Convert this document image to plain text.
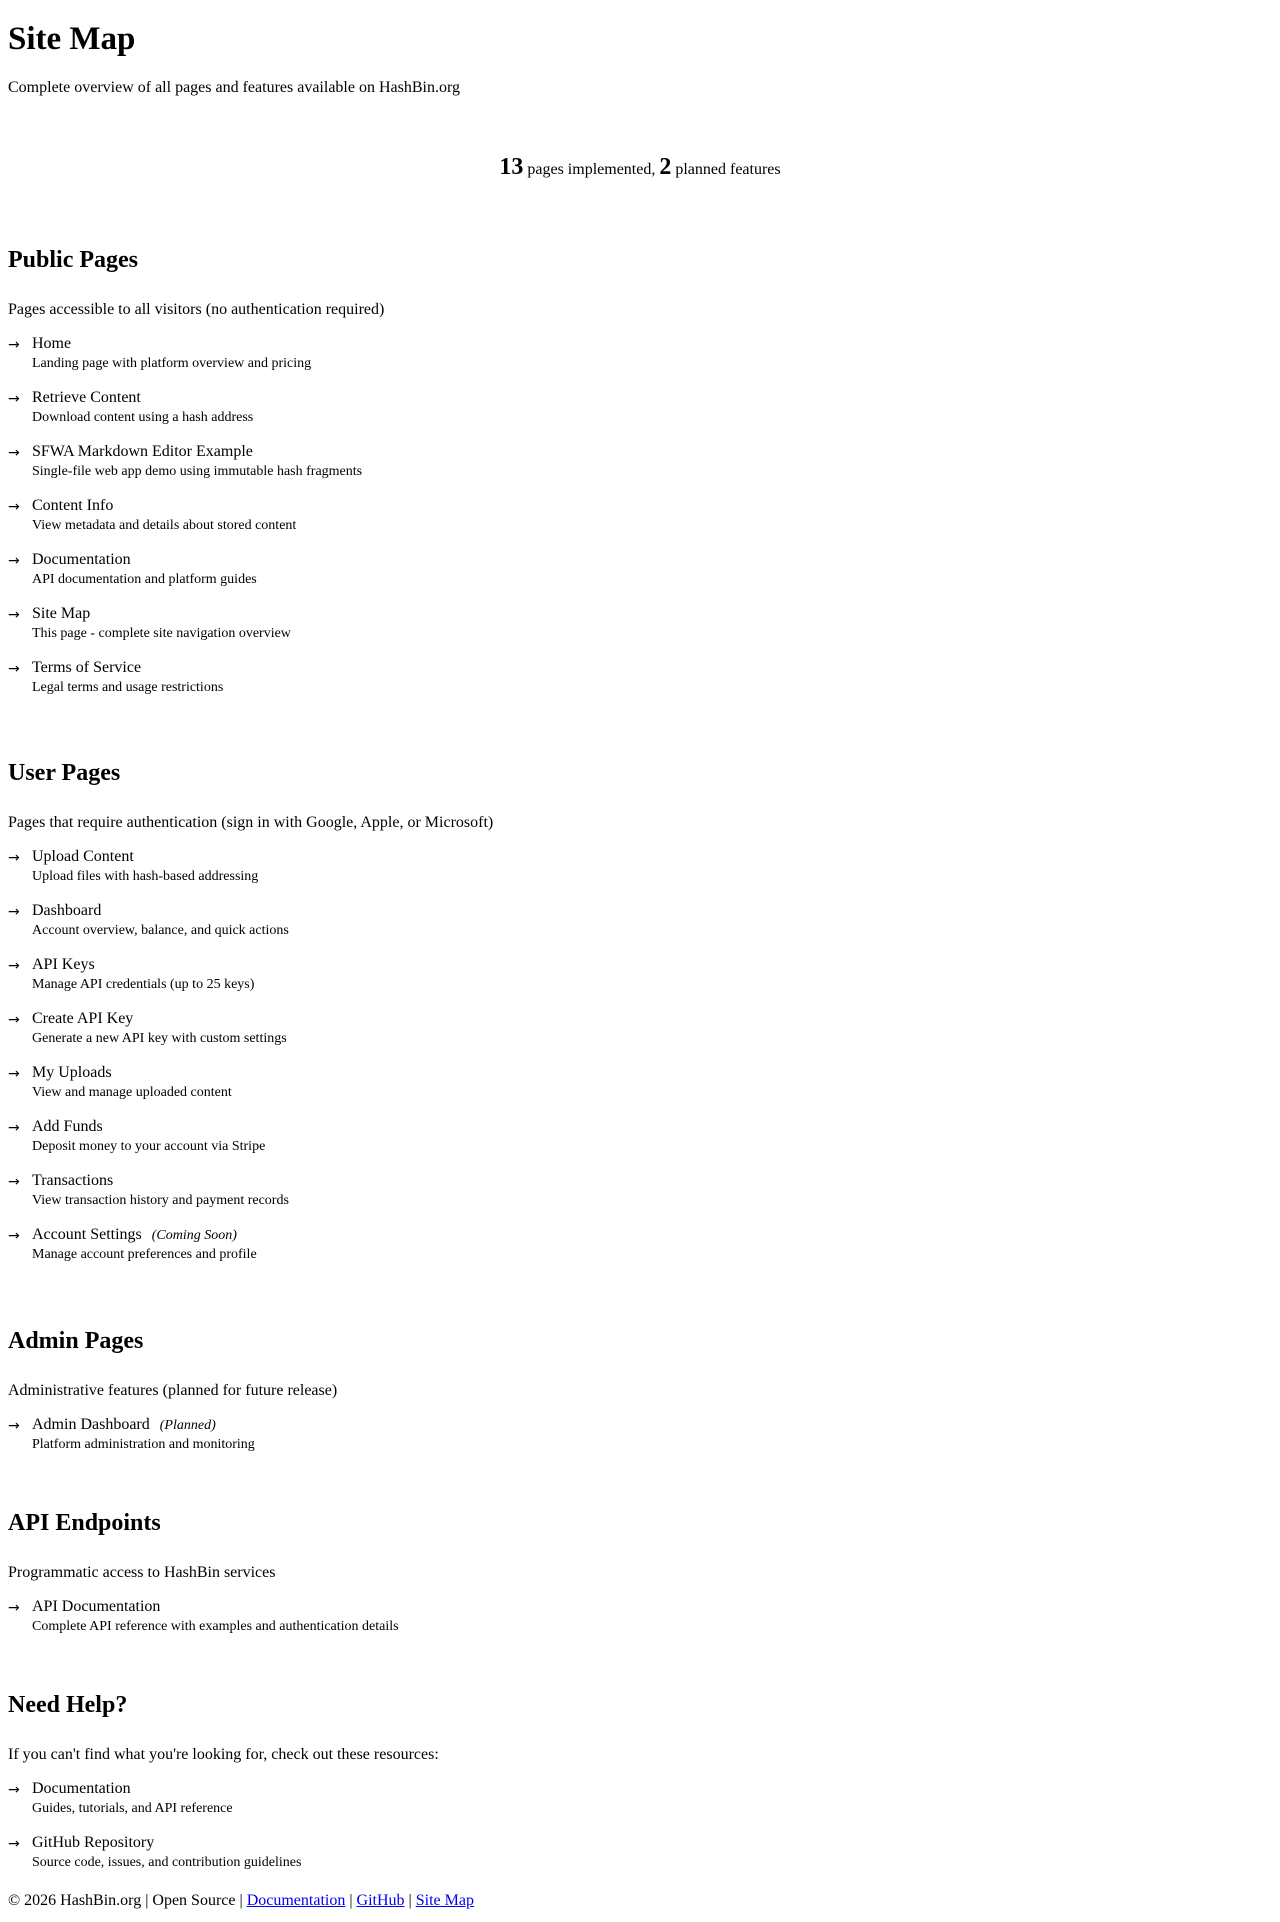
Site Map

Complete overview of all pages and features available on HashBin.org

13 pages implemented, 2 planned features
Public Pages

Pages accessible to all visitors (no authentication required)

→ Home
Landing page with platform overview and pricing
→ Retrieve Content
Download content using a hash address
→ SFWA Markdown Editor Example
Single-file web app demo using immutable hash fragments
→ Content Info
View metadata and details about stored content
→ Documentation
API documentation and platform guides
→ Site Map
This page - complete site navigation overview
→ Terms of Service
Legal terms and usage restrictions
User Pages

Pages that require authentication (sign in with Google, Apple, or Microsoft)

→ Upload Content
Upload files with hash-based addressing
→ Dashboard
Account overview, balance, and quick actions
→ API Keys
Manage API credentials (up to 25 keys)
→ Create API Key
Generate a new API key with custom settings
→ My Uploads
View and manage uploaded content
→ Add Funds
Deposit money to your account via Stripe
→ Transactions
View transaction history and payment records
→ Account Settings (Coming Soon)
Manage account preferences and profile
Admin Pages

Administrative features (planned for future release)

→ Admin Dashboard (Planned)
Platform administration and monitoring
API Endpoints

Programmatic access to HashBin services

→ API Documentation
Complete API reference with examples and authentication details
Need Help?

If you can't find what you're looking for, check out these resources:

→ Documentation
Guides, tutorials, and API reference
→ GitHub Repository
Source code, issues, and contribution guidelines
© 2026 HashBin.org | Open Source | Documentation | GitHub | Site Map
